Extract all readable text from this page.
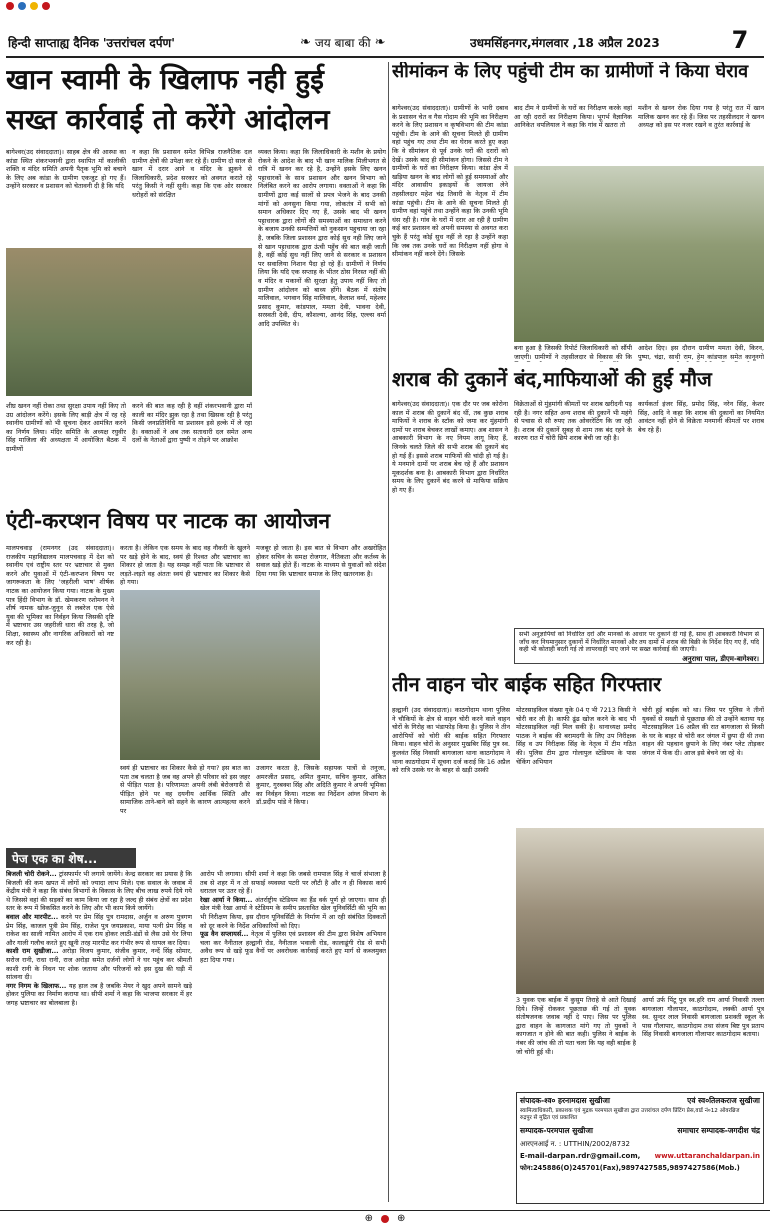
हिन्दी साप्ताह्य दैनिक 'उत्तरांचल दर्पण'	❧ जय बाबा की ❧	उधमसिंहनगर,मंगलवार ,18 अप्रैल 2023	7
खान स्वामी के खिलाफ नही हुई
सख्त कार्रवाई तो करेंगे आंदोलन
बागेश्वर(उद संवाददाता)। साहब क्षेत्र की आस्था का कांडा स्थित शंकरभवानी द्वारा स्थापित माँ कालीकी शक्ति व मंदिर समिति अपनी पैतृक भूमि को बचाने के लिए अब कांडा के ग्रामीण एकजुट हो गए हैं। उन्होंने सरकार व प्रशासन को चेतावनी दी है कि यदि
न कहा कि प्रशासन समेत विभिन्न राजनैतिक दल ग्रामीण क्षेत्रों की उपेक्षा कर रहे हैं। ग्रामीण दो साल से खान में दरार आने व मंदिर के झुकने से जिलाधिकारी, प्रदेश सरकार को अवगत कराते रहे परंतु किसी ने नहीं सुनी। कहा कि एक ओर सरकार धरोहरों को संरक्षित
व्यक्त किया। कहा कि जिलाधिकारी के मशीन के प्रयोग रोकने के आदेश के बाद भी खान मालिक मिलीभगत से रात्रि में खनन कर रहे है, उन्होंने इसके लिए खनन पट्टाधारकों के साथ प्रशासन और खनन विभाग को निलंबित करने का आरोप लगाया। वक्ताओं ने कहा कि ग्रामीणों द्वारा कई सालों से प्रपत्र भेजने के बाद उनकी मांगों को अनसुना किया गया, लोकतंत्र में सभी को समान अधिकार दिए गए हैं, उसके बाद भी खनन पट्टाधारक द्वारा लोगों की समस्याओं का समाधान करने के बजाय उनकी सम्पत्तियों को नुकसान पहुचाया जा रहा है, जबकि जिला प्रशासन द्वारा कोई सुध नही लिए जाने से खान पट्टाधारक द्वारा ऊंची पहुँच की बात कही जाती है, वहीं कोई सुध नहीं लिए जाने से सरकार व प्रशासन पर सवालिया निशान पैदा हो रहे हैं। ग्रामीणों ने निर्णय लिया कि यदि एक सप्ताह के भीतर ठोस निरस्त नहीं की व मंदिर व मकानों की सुरक्षा हेतु उपाय नहीं किए तो ग्रामीण आंदोलन को बाध्य होंगे। बैठक में संतोष मालिवाल, भगवान सिंह मालिवाल, कैलाश वर्मा, महेश्वर प्रसाद कुमार, कांडपाल, ममता देवी, भावना देवी, सरस्वती देवी, दीप, कौशल्या, आनंद सिंह, एल्ल्स वर्मा आदि उपस्थित थे।
शीघ्र खनन नहीं रोका तथा सुरक्षा उपाय नहीं किए तो उग्र आंदोलन करेंगे। इसके लिए बाड़ी क्षेत्र में रह रहे स्थानीय ग्रामीणों को भी सूचना देकर आमंत्रित करने का निर्णय लिया। मंदिर समिति के अध्यक्ष रघुवीर सिंह माजिला की अध्यक्षता में आयोजित बैठक में ग्रामीणों
करने की बात कह रही है वहीं शंकरभवानी द्वारा माँ काली का मंदिर झुक रहा है तथा खिसक रही है परंतु किसी जनप्रतिनिधि या प्रशासन इसे हल्के में ले रहा है। वक्ताओं ने अब तक सताधारी दल समेत अन्य दलों के नेताओं द्वारा पुष्पी न तोड़ने पर आक्रोश
सीमांकन के लिए पहुंची टीम का ग्रामीणों ने किया घेराव
बागेश्वर(उद संवाददाता)। ग्रामीणों के भारी दबाव के प्रशासन चेत व गैस गोदाम की भूमि का निरीक्षण करने के लिए प्रशासन व कृषविभाग की टीम कांडा पहुंची। टीम के आने की सूचना मिलते ही ग्रामीण वहां पहुंच गए तथा टीम का घेराव करते हुए कहा कि वे सीमांकन से पूर्व उनके घरों की दरारों को देखें। उसके बाद ही सीमांकन होगा। जिससे टीम ने ग्रामीणों के घरों का निरीक्षण किया। कांडा क्षेत्र में खड़िया खनन के बाद लोगों को हुई समस्याओं और मंदिर आवासीय इकाइयों के जायजा लेने तहसीलदार महेश चंद्र तिवारी के नेतृत्व में टीम कांडा पहुंची। टीम के आने की सूचना मिलते ही ग्रामीण वहां पहुंचे तथा उन्होंने कहा कि उनकी भूमि धंस रही है। गांव के घरों में दरार आ रही है ग्रामीण कई बार प्रशासन को अपनी समस्या से अवगत करा चुके हैं परंतु कोई सुध नहीं ले रहा है उन्होंने कहा कि जब तक उनके घरों का निरीक्षण नहीं होगा वे सीमांकन नहीं करने देंगे। जिसके
बाद टीम ने ग्रामीणों के घरों का निरीक्षण करके वहां आ रही दरारों का निरीक्षण किया। भूगर्भ वैज्ञानिक आनिकेत थपलियाल ने कहा कि गांव में खतरा तो
मशीन से खनन रोक दिया गया है परंतु रात में खान मालिक खनन कर रहे हैं। जिस पर तहसीलदार ने खनन अध्यक्ष को इस पर नजर रखने व तुरंत कार्रवाई के
बना हुआ है जिसकी रिपोर्ट जिलाधिकारी को सौंपी जाएगी। ग्रामीणों ने तहसीलदार से विकास की कि
आदेश दिए। इस दौरान ग्रामीण ममता देवी, किरन, पुष्पा, चंद्रा, साथी राम, हेम कांडपाल समेत कानूनगो
शराब की दुकानें बंद,माफियाओं की हुई मौज
बागेश्वर(उद संवाददाता)। एक दौर पर जब कोरोना काल में शराब की दुकानें बंद थीं, तब कुछ शराब माफियों ने शराब के स्टॉक को जमा कर मुंहमांगी दामों पर शराब बेचकर लाखों कमाए। अब शासन ने आबकारी विभाग के नए नियम लागू किए हैं, जिनके चलते जिले की सभी शराब की दुकानें बंद हो गई हैं। इससे शराब माफियों की चांदी हो गई है। ये मनमाने दामों पर शराब बेच रहे हैं और प्रशासन मूकदर्शक बना है। आबकारी विभाग द्वारा निर्धारित समय के लिए दुकानें बंद करने से माफिया सक्रिय हो गए हैं।
विक्रेताओं से मुंहमांगी कीमतों पर शराब खरीदनी पड़ रही है। नगर सहित अन्य शराब की दुकानें भी महंगे से पचास से सौ रुपए तक ओवररेटिंग कि जा रही है। शराब की दुकानें सुबह से शाम तक बंद रहने के कारण रात में चोरी छिपे शराब बेची जा रही है।
कार्यकर्ता इंजर सिंह, प्रमोद सिंह, नरेन सिंह, केशर सिंह, आदि ने कहा कि शराब की दुकानों का नियमित आवंटन नहीं होने से विक्रेता मनमानी कीमतों पर शराब बेच रहे हैं।
सभी अनुज्ञापियों को निर्धारित दरों और मानकों के आधार पर दुकानें दी गई हैं, साथ ही आबकारी विभाग से जाँच कर नियमानुसार दुकानों में निर्धारित मानकों और तय दामों में शराब की बिक्री के निर्देश दिए गए हैं, यदि कही भी कोताही बरती गई तो लापरवाही पाए जाने पर सख्त कार्रवाई की जाएगी।
अनुराधा पाल, डीएम-बागेश्वर।
एंटी-करप्शन विषय पर नाटक का आयोजन
मालपचवाड़ (रामनगर (उद संवाददाता)। राजकीय महाविद्यालय मालपचवाड़ में देश को स्थानीय एवं राष्ट्रीय स्तर पर भ्रष्टाचार से मुक्त करने और युवाओं में एंटी-करप्शन विषय पर जागरूकता के लिए 'जहरीली भाष' शीर्षक नाटक का आयोजन किया गया। नाटक के मुख्य पात्र हिंदी विभाग के डॉ. खेमकरण रशोमनन ने शीर्ष नामक खोज-जुनून से लबरेज एक ऐसे युवा की भूमिका का निर्वहन किया जिसकी दृष्टि में भ्रष्टाचार उस जहरीली धारा की तरह है, जो शिक्षा, स्वास्थ्य और नागरिक अधिकारों को नष्ट कर रही है।
करता है। लेकिन एक समय के बाद वह नौकरी के खुलने पर खड़े होने के बाद, स्वयं ही रिश्वत और भ्रष्टाचार का शिकार हो जाता है। यह समझ नहीं पाता कि भ्रष्टाचार से लड़ते-लड़ते वह अंततः स्वयं ही भ्रष्टाचार का शिकार कैसे हो गया।
मजबूर हो जाता है। इस बात से विभाग और अखरोहित होकर सचिन के समक्ष रोजगार, नैतिकता और कर्तव्य के सवाल खड़े होते हैं। नाटक के माध्यम से युवाओं को संदेश दिया गया कि भ्रष्टाचार समाज के लिए खतरनाक है।
स्वयं ही भ्रष्टाचार का शिकार कैसे हो गया? इस बात का पता तब चलता है जब वह अपने ही परिवार को इस जहर से पीड़ित पाता है। परिणामतः अपनी लंबी बेरोजगारी से पीड़ित होने पर वह दयनीय आर्थिक स्थिति और सामाजिक ताने-बाने को सहने के कारण आत्महत्या करने पर
उजागर करता है, जिसके सहायक पात्रों से तनुजा, अमरजीत प्रसाद, अमित कुमार, सचिन कुमार, अंकित कुमार, गुरबक्श सिंह और अदिति कुमार ने अपनी भूमिका का निर्वहन किया। नाटक का निर्देशन आंग्ल विभाग के डॉ.प्रदीप पांडे ने किया।
तीन वाहन चोर बाईक सहित गिरफ्तार
हल्द्वानी (उद संवाददाता)। काठगोदाम थाना पुलिस ने चौकियों के क्षेत्र से वाहन चोरी करने वाले वाहन चोरों के गिरोह का भंडाफोड़ किया है। पुलिस ने तीन आरोपियों को चोरी की बाईक सहित गिरफ्तार किया। वाहन चोरों के अनुसार मुखबिर सिंह पुत्र स्व. कुलवंत सिंह निवासी बागजाला थाना काठगोदाम ने थाना काठगोदाम में सूचना दर्ज कराई कि 16 अप्रैल को रात्रि उसके घर के बाहर से खड़ी उसकी
मोटरसाइकिल संख्या यूके 04 ए भी 7213 किसी ने चोरी कर ली है। काफी ढूंढ खोज करने के बाद भी मोटरसाइकिल नहीं मिल सकी है। थानाध्यक्ष प्रमोद पाठक ने बाईक की बरामदगी के लिए उप निरीक्षक सिंह व उप निरीक्षक सिंह के नेतृत्व में टीम गठित की। पुलिस टीम द्वारा गोलापुल स्टेडियम के पास चेकिंग अभियान
चोरी हुई बाईक को था। जिस पर पुलिस ने तीनों युवकों से सख्ती से पूछताछ की तो उन्होंने बताया यह मोटरसाइकिल 16 अप्रैल की रात बागजाला से किसी के घर के बाहर से चोरी कर जंगल में छुपा दी थी तथा वाहन की पहचान छुपाने के लिए नंबर प्लेट तोड़कर जंगल में फेंक दी। आज इसे बेचने जा रहे थे।
3 युवक एक बाईक में कुसुम तिराहे से आते दिखाई दिये। जिन्हें रोककर पूछताछ की गई तो युवक संतोषजनक जवाब नहीं दे पाए। जिस पर पुलिस द्वारा वाहन के कागजात मांगे गए तो युवकों ने कागजात न होने की बात कही। पुलिस ने बाईक के नंबर की जांच की तो पता चला कि यह वही बाईक है जो चोरी हुई थी।
आर्या उर्फ पिंटू पुत्र स्व.हरि राम आर्या निवासी तल्ला बागजाला गौलापार, काठगोदाम, लक्की आर्या पुत्र स्व. सुन्दर लाल निवासी बागजाला प्रशक्ती स्कूल के पास गौलापार, काठगोदाम तथा संजय बिष्ट पुत्र प्रताप सिंह निवासी बागजाला गौलापार काठगोदाम बताया।
पेज एक का शेष...
बिजली चोरी रोकने... ट्रांसफार्मर भी लगाये जायेंगे। केन्द्र सरकार का प्रयास है कि बिजली की कम खपत में लोगों को ज्यादा लाभ मिले। एक सवाल के जवाब में केंद्रीय मंत्री ने कहा कि संबंध विभागों के विकास के लिए बीच लाख रुपये दिये गये थे जिससे वहां की सड़कों का काम किया जा रहा है जल्द ही संबंध क्षेत्रों का प्रदेश स्तर के रूप में विकसित करने के लिए और भी काम किये जायेंगे।
बवाल और मारपीट... करने पर प्रेम सिंह पुत्र रामदास, अर्जुन व अरुण पुत्रगण प्रेम सिंह, काजल पुत्री प्रेम सिंह, राजेश पुत्र जयप्रकाश, माया पत्नी प्रेम सिंह व राकेश का साली नामित आरोप में एक राय होकर लाठी-डंडों से लैस उसे घेर लिया और गाली गलौच करते हुए खूनी तरह मारपीट कर गंभीर रूप से घायल कर दिया।
काशी राम सुखीजा... अरोड़ा विजय कुमार, संजीव कुमार, नन्दें सिंह सोमार, सरोज रानी, राधा रानी, राज अरोड़ा समेत दर्जनों लोगों ने घर पहुंच कर श्रीमती काशी रानी के निधन पर शोक जताया और परिजनों को इस दुख की घड़ी में सांत्वना दी।
नगर निगम के खिलाफ... यह हाल तब है जबकि मेयर ने खुद अपने सामने खड़े होकर पुलिया का निर्माण कराया था। सीपी शर्मा ने कहा कि भाजपा सरकार में हर जगह भ्रष्टाचार का बोलबाला है।
आरोप भी लगाया। सीपी शर्मा ने कहा कि जबसे रामपाल सिंह ने चार्ज संभाला है तब से शहर में न तो सफाई व्यवस्था पटरी पर लौटी है और न ही विकास कार्य धरातल पर उतर रहे हैं।
रेखा आर्या ने किया... अंतर्राष्ट्रीय स्टेडियम का हैंड वर्क पूर्ण हो जाएगा। साथ ही खेल मंत्री रेखा आर्या ने स्टेडियम के समीप प्रस्तावित खेल यूनिवर्सिटी की भूमि का भी निरीक्षण किया, इस दौरान यूनिवर्सिटी के निर्माण में आ रही संबंधित दिक्कतों को दूर करने के निर्देश अधिकारियों को दिए।
फूड वैन सप्लायर्स... नेतृत्व में पुलिस एवं प्रशासन की टीम द्वारा विशेष अभियान चला कर नैनीताल हल्द्वानी रोड, नैनीताल भवाली रोड, कालाढूंगी रोड से सभी अवैध रूप से खड़े फूड वैनों पर अवरोधक कार्रवाई करते हुए मार्ग से कब्जमुक्त हटा दिया गया।
संपादक-श्व० हरनामदास सुखीजा	एवं स्व०तिलकराज सुखीजा
स्वामित्वाधिकारी, प्रकाशक एवं मुद्रक परमपाल सुखीजा द्वारा उत्तरांचल दर्पण प्रिंटिंग प्रेस,वार्ड नं०12 ओवरब्रिज
रुद्रपुर से मुद्रित एवं प्रकाशित
सम्पादक-परमपाल सुखीजा	समाचार सम्पादक-जगदीश चंद्र
आरएनआई न. : UTTHIN/2002/8732
E-mail-darpan.rdr@gmail.com, www.uttaranchaldarpan.in
फोन:245886(O)245701(Fax),9897427585,9897427586(Mob.)
⊕ ⊕
